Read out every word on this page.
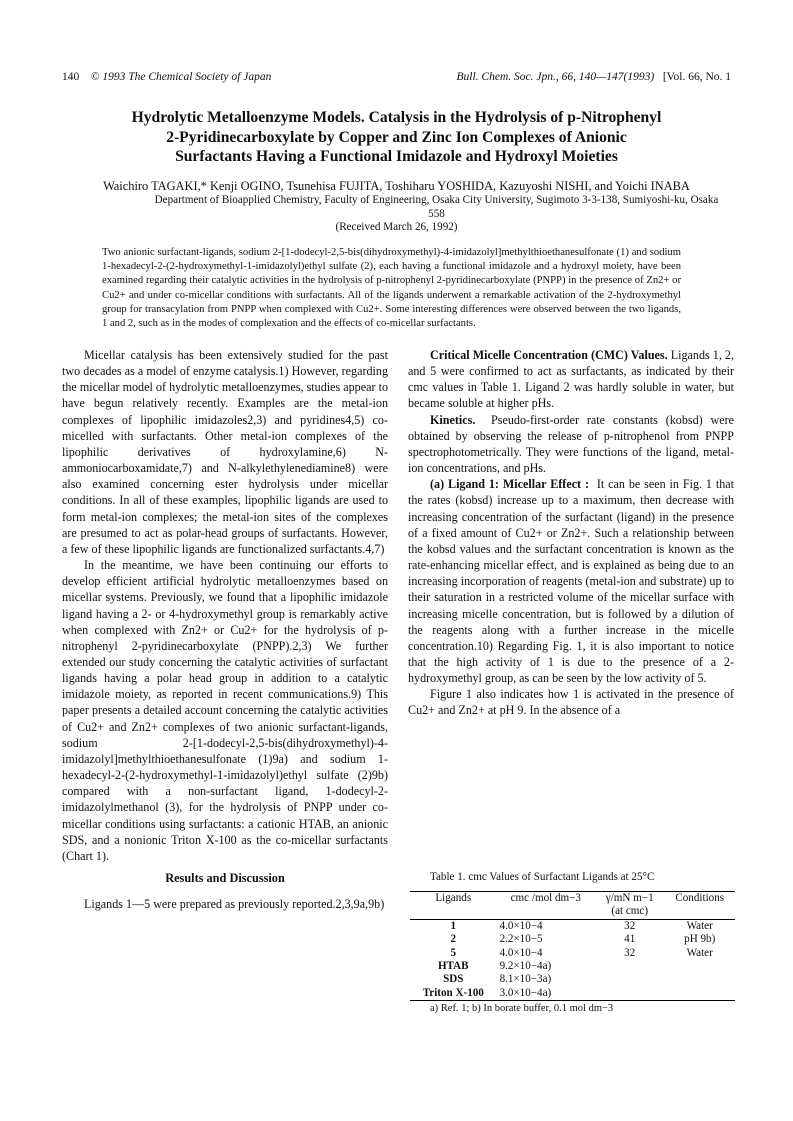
140 © 1993 The Chemical Society of Japan	Bull. Chem. Soc. Jpn., 66, 140—147(1993) [Vol. 66, No. 1
Hydrolytic Metalloenzyme Models. Catalysis in the Hydrolysis of p-Nitrophenyl
2-Pyridinecarboxylate by Copper and Zinc Ion Complexes of Anionic
Surfactants Having a Functional Imidazole and Hydroxyl Moieties
Waichiro TAGAKI,* Kenji OGINO, Tsunehisa FUJITA, Toshiharu YOSHIDA, Kazuyoshi NISHI, and Yoichi INABA
Department of Bioapplied Chemistry, Faculty of Engineering, Osaka City University, Sugimoto 3-3-138, Sumiyoshi-ku, Osaka 558
(Received March 26, 1992)
Two anionic surfactant-ligands, sodium 2-[1-dodecyl-2,5-bis(dihydroxymethyl)-4-imidazolyl]methylthioethanesulfonate (1) and sodium 1-hexadecyl-2-(2-hydroxymethyl-1-imidazolyl)ethyl sulfate (2), each having a functional imidazole and a hydroxyl moiety, have been examined regarding their catalytic activities in the hydrolysis of p-nitrophenyl 2-pyridinecarboxylate (PNPP) in the presence of Zn2+ or Cu2+ and under co-micellar conditions with surfactants. All of the ligands underwent a remarkable activation of the 2-hydroxymethyl group for transacylation from PNPP when complexed with Cu2+. Some interesting differences were observed between the two ligands, 1 and 2, such as in the modes of complexation and the effects of co-micellar surfactants.

Micellar catalysis has been extensively studied for the past two decades as a model of enzyme catalysis.1) However, regarding the micellar model of hydrolytic metalloenzymes, studies appear to have begun relatively recently. Examples are the metal-ion complexes of lipophilic imidazoles2,3) and pyridines4,5) co-micelled with surfactants. Other metal-ion complexes of the lipophilic derivatives of hydroxylamine,6) N-ammoniocarboxamidate,7) and N-alkylethylenediamine8) were also examined concerning ester hydrolysis under micellar conditions. In all of these examples, lipophilic ligands are used to form metal-ion complexes; the metal-ion sites of the complexes are presumed to act as polar-head groups of surfactants. However, a few of these lipophilic ligands are functionalized surfactants.4,7)

In the meantime, we have been continuing our efforts to develop efficient artificial hydrolytic metalloenzymes based on micellar systems. Previously, we found that a lipophilic imidazole ligand having a 2- or 4-hydroxymethyl group is remarkably active when complexed with Zn2+ or Cu2+ for the hydrolysis of p-nitrophenyl 2-pyridinecarboxylate (PNPP).2,3) We further extended our study concerning the catalytic activities of surfactant ligands having a polar head group in addition to a catalytic imidazole moiety, as reported in recent communications.9) This paper presents a detailed account concerning the catalytic activities of Cu2+ and Zn2+ complexes of two anionic surfactant-ligands, sodium 2-[1-dodecyl-2,5-bis(dihydroxymethyl)-4-imidazolyl]methylthioethanesulfonate (1)9a) and sodium 1-hexadecyl-2-(2-hydroxymethyl-1-imidazolyl)ethyl sulfate (2)9b) compared with a non-surfactant ligand, 1-dodecyl-2-imidazolylmethanol (3), for the hydrolysis of PNPP under co-micellar conditions using surfactants: a cationic HTAB, an anionic SDS, and a nonionic Triton X-100 as the co-micellar surfactants (Chart 1).

Results and Discussion

Ligands 1—5 were prepared as previously reported.2,3,9a,9b)

Critical Micelle Concentration (CMC) Values. Ligands 1, 2, and 5 were confirmed to act as surfactants, as indicated by their cmc values in Table 1. Ligand 2 was hardly soluble in water, but became soluble at higher pHs.

Kinetics. Pseudo-first-order rate constants (kobsd) were obtained by observing the release of p-nitrophenol from PNPP spectrophotometrically. They were functions of the ligand, metal-ion concentrations, and pHs.

(a) Ligand 1: Micellar Effect : It can be seen in Fig. 1 that the rates (kobsd) increase up to a maximum, then decrease with increasing concentration of the surfactant (ligand) in the presence of a fixed amount of Cu2+ or Zn2+. Such a relationship between the kobsd values and the surfactant concentration is known as the rate-enhancing micellar effect, and is explained as being due to an increasing incorporation of reagents (metal-ion and substrate) up to their saturation in a restricted volume of the micellar surface with increasing micelle concentration, but is followed by a dilution of the reagents along with a further increase in the micelle concentration.10) Regarding Fig. 1, it is also important to notice that the high activity of 1 is due to the presence of a 2-hydroxymethyl group, as can be seen by the low activity of 5.

Figure 1 also indicates how 1 is activated in the presence of Cu2+ and Zn2+ at pH 9. In the absence of a

Table 1. cmc Values of Surfactant Ligands at 25°C
Ligands	cmc /mol dm−3	γ/mN m−1	Conditions
		(at cmc)	
1	4.0×10−4	32	Water
2	2.2×10−5	41	pH 9b)
5	4.0×10−4	32	Water
HTAB	9.2×10−4a)		
SDS	8.1×10−3a)		
Triton X-100	3.0×10−4a)		
a) Ref. 1; b) In borate buffer, 0.1 mol dm−3
